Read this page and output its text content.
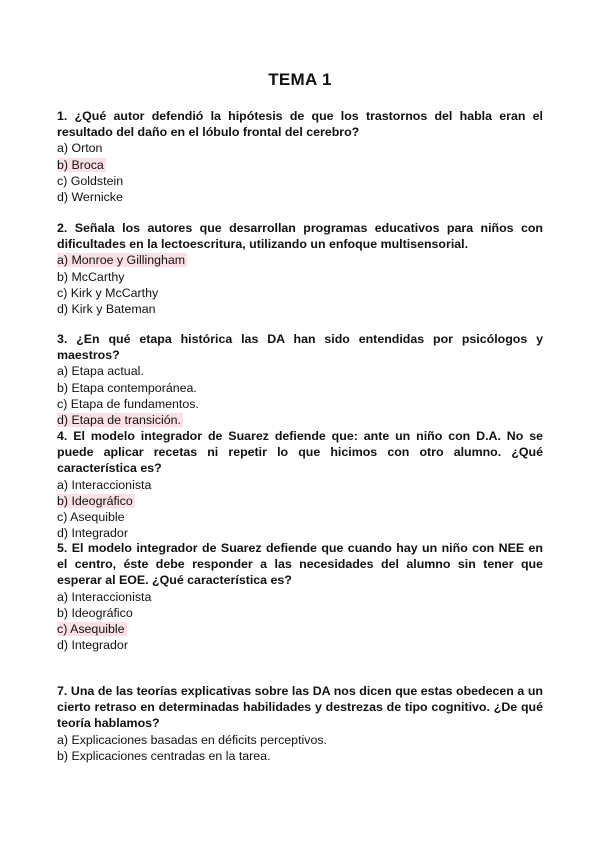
TEMA 1

1. ¿Qué autor defendió la hipótesis de que los trastornos del habla eran el resultado del daño en el lóbulo frontal del cerebro?

a) Orton

b) Broca

c) Goldstein

d) Wernicke

2. Señala los autores que desarrollan programas educativos para niños con dificultades en la lectoescritura, utilizando un enfoque multisensorial.

a) Monroe y Gillingham

b) McCarthy

c) Kirk y McCarthy

d) Kirk y Bateman

3. ¿En qué etapa histórica las DA han sido entendidas por psicólogos y maestros?

a) Etapa actual.

b) Etapa contemporánea.

c) Etapa de fundamentos.

d) Etapa de transición.

4. El modelo integrador de Suarez defiende que: ante un niño con D.A. No se puede aplicar recetas ni repetir lo que hicimos con otro alumno. ¿Qué característica es?

a) Interaccionista

b) Ideográfico

c) Asequible

d) Integrador

5. El modelo integrador de Suarez defiende que cuando hay un niño con NEE en el centro, éste debe responder a las necesidades del alumno sin tener que esperar al EOE. ¿Qué característica es?

a) Interaccionista

b) Ideográfico

c) Asequible

d) Integrador

7. Una de las teorías explicativas sobre las DA nos dicen que estas obedecen a un cierto retraso en determinadas habilidades y destrezas de tipo cognitivo. ¿De qué teoría hablamos?

a) Explicaciones basadas en déficits perceptivos.

b) Explicaciones centradas en la tarea.
